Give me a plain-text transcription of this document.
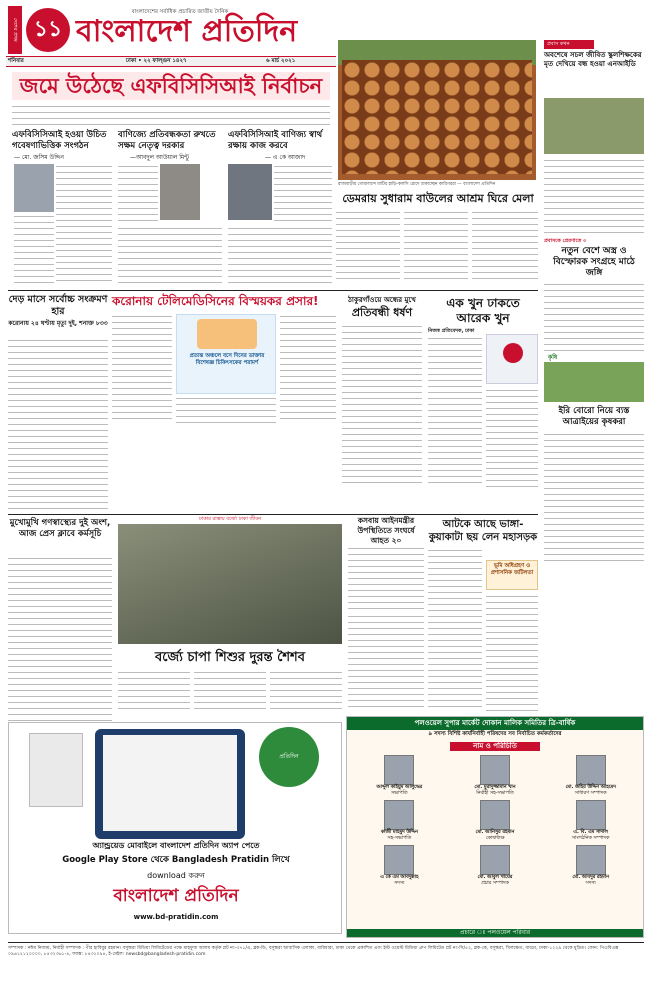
দেশের প্রথম ১১
বাংলাদেশের সর্বাধিক প্রচারিত জাতীয় দৈনিক
বাংলাদেশ প্রতিদিন
শনিবার	ঢাকা • ২২ ফাল্গুন ১৪২৭	৬ মার্চ ২০২১
জমে উঠেছে এফবিসিসিআই নির্বাচন
এফবিসিসিআই হওয়া উচিত গবেষণাভিত্তিক সংগঠন
— মো. জসিম উদ্দিন
বাণিজ্যে প্রতিবন্ধকতা রুখতে সক্ষম নেতৃত্ব দরকার
—আবদুল আউয়াল মিন্টু
এফবিসিসিআই বাণিজ্য স্বার্থ রক্ষায় কাজ করবে
— এ কে আজাদ
রাজবাড়ীর গোয়ালন্দে মাটির হাড়ি-কলসি রোদে শুকাচ্ছেন কারিগররা — বাংলাদেশ প্রতিদিন
ডেমরায় সুধারাম বাউলের আশ্রম ঘিরে মেলা
প্রবাস কথন
অবশেষে সচল জীবিত স্কুলশিক্ষকের মৃত দেখিয়ে বন্ধ হওয়া এনআইডি
প্রবাসকে প্রেরণাতে ৩
নতুন বেশে অস্ত্র ও বিস্ফোরক সংগ্রহে মাঠে জঙ্গি
কৃষি
ইরি বোরো নিয়ে ব্যস্ত আত্রাইয়ের কৃষকরা
দেড় মাসে সর্বোচ্চ সংক্রমণ হার
করোনায় ২৪ ঘণ্টায় মৃত্যু দুই, শনাক্ত ৮৩৩
করোনায় টেলিমেডিসিনের বিস্ময়কর প্রসার!
প্রত্যন্ত অঞ্চলে বসে দিনের ডাক্তার বিশেষজ্ঞ চিকিৎসকের পরামর্শ
ঠাকুরগাঁওয়ে অন্ধের মুখে
প্রতিবন্ধী ধর্ষণ
এক খুন ঢাকতে আরেক খুন
নিজস্ব প্রতিবেদক, ঢাকা
মুখোমুখি গণস্বাস্থ্যের দুই অংশ, আজ প্রেস ক্লাবে কর্মসূচি
ঢাকার রাস্তায় বর্জ্যে ঢাকা জীবন
বর্জ্যে চাপা শিশুর দুরন্ত শৈশব
কসবায় আইনমন্ত্রীর উপস্থিতিতে সংঘর্ষে আহত ২০
আটকে আছে ভাঙ্গা-কুয়াকাটা ছয় লেন মহাসড়ক
ভূমি অধিগ্রহণ ও প্রশাসনিক জটিলতা
প্রতিদিন
অ্যান্ড্রয়েড মোবাইলে বাংলাদেশ প্রতিদিন অ্যাপ পেতে
Google Play Store থেকে Bangladesh Pratidin লিখে
download করুন
বাংলাদেশ প্রতিদিন
www.bd-pratidin.com
পলওয়েল সুপার মার্কেট দোকান মালিক সমিতির ত্রি-বার্ষিক
৯ সদস্য বিশিষ্ট কার্যনির্বাহী পরিষদের সব নির্বাচিত কর্মকর্তাদের
নাম ও পরিচিতি
আব্দুল কাইয়ুম আলুদ্ধের
সভাপতি
মো. মুরাদুজ্জামান খান
নির্বাহী সহ-সভাপতি
মো. জহির উদ্দিন আহমেদ
সাধারণ সম্পাদক
কাজী মাহমুদ উদ্দিন
সহ-সভাপতি
মো. আনিসুর রহমান
কোষাধ্যক্ষ
এ. বি. এম সাদাল
সাংগঠনিক সম্পাদক
এ কে এম আবদুল্লাহ
সদস্য
মো. আবুল খায়ের
প্রচার সম্পাদক
মো. আবদুর রহমান
সদস্য
প্রচারে ঃ পলওয়েল পরিবার
সম্পাদক : নঈম নিজাম, নির্বাহী সম্পাদক : পীর হাবিবুর রহমান। বসুন্ধরা মিডিয়া লিমিটেডের পক্ষে মাহফুজ আলম কর্তৃক প্লট নং-৩৭১/এ, ব্লক-ডি, বসুন্ধরা আবাসিক এলাকা, বারিধারা, ঢাকা থেকে প্রকাশিত এবং ইস্ট ওয়েস্ট মিডিয়া গ্রুপ লিমিটেড প্লট নং-সি/৫২, ব্লক-কে, বসুন্ধরা, খিলক্ষেত, বাড্ডা, ঢাকা-১২২৯ থেকে মুদ্রিত। ফোন: পিএবিএক্স ০৯৬১২১২০০০০, ৮৪৩২৩৬১-৪, ফ্যাক্স: ৮৪৩২০৯৪, ই-মেইল: newsbd@bangladesh-pratidin.com
